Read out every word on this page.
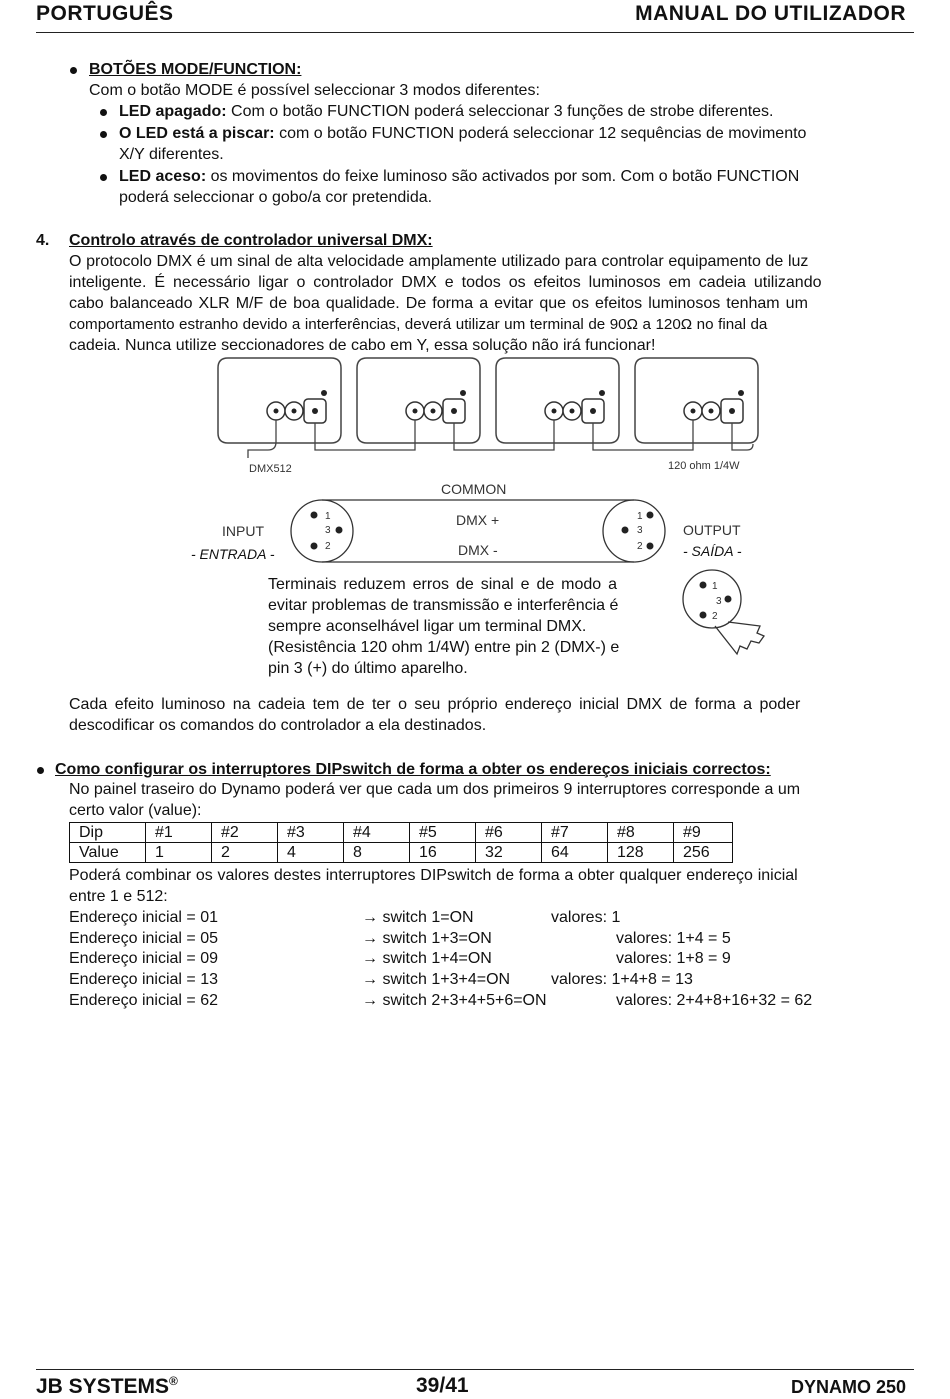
PORTUGUÊS	MANUAL DO UTILIZADOR
BOTÕES MODE/FUNCTION:
Com o botão MODE é possível seleccionar 3 modos diferentes:
LED apagado: Com o botão FUNCTION poderá seleccionar 3 funções de strobe diferentes.
O LED está a piscar: com o botão FUNCTION poderá seleccionar 12 sequências de movimento
X/Y diferentes.
LED aceso: os movimentos do feixe luminoso são activados por som. Com o botão FUNCTION
poderá seleccionar o gobo/a cor pretendida.
4. Controlo através de controlador universal DMX:
O protocolo DMX é um sinal de alta velocidade amplamente utilizado para controlar equipamento de luz
inteligente. É necessário ligar o controlador DMX e todos os efeitos luminosos em cadeia utilizando
cabo balanceado XLR M/F de boa qualidade. De forma a evitar que os efeitos luminosos tenham um
comportamento estranho devido a interferências, deverá utilizar um terminal de 90Ω a 120Ω no final da
cadeia. Nunca utilize seccionadores de cabo em Y, essa solução não irá funcionar!
DMX512	120 ohm 1/4W
COMMON
DMX +
DMX -
1
3
2
1
3
2
INPUT
- ENTRADA -
OUTPUT
- SAÍDA -
1
3
2
Terminais reduzem erros de sinal e de modo a
evitar problemas de transmissão e interferência é
sempre aconselhável ligar um terminal DMX.
(Resistência 120 ohm 1/4W) entre pin 2 (DMX-) e
pin 3 (+) do último aparelho.
Cada efeito luminoso na cadeia tem de ter o seu próprio endereço inicial DMX de forma a poder
descodificar os comandos do controlador a ela destinados.
Como configurar os interruptores DIPswitch de forma a obter os endereços iniciais correctos:
No painel traseiro do Dynamo poderá ver que cada um dos primeiros 9 interruptores corresponde a um
certo valor (value):
Dip	#1	#2	#3	#4	#5	#6	#7	#8	#9
Value	1	2	4	8	16	32	64	128	256
Poderá combinar os valores destes interruptores DIPswitch de forma a obter qualquer endereço inicial
entre 1 e 512:
Endereço inicial = 01	→ switch 1=ON	valores: 1
Endereço inicial = 05	→ switch 1+3=ON	valores: 1+4 = 5
Endereço inicial = 09	→ switch 1+4=ON	valores: 1+8 = 9
Endereço inicial = 13	→ switch 1+3+4=ON	valores: 1+4+8 = 13
Endereço inicial = 62	→ switch 2+3+4+5+6=ON	valores: 2+4+8+16+32 = 62
JB SYSTEMS®	39/41	DYNAMO 250
